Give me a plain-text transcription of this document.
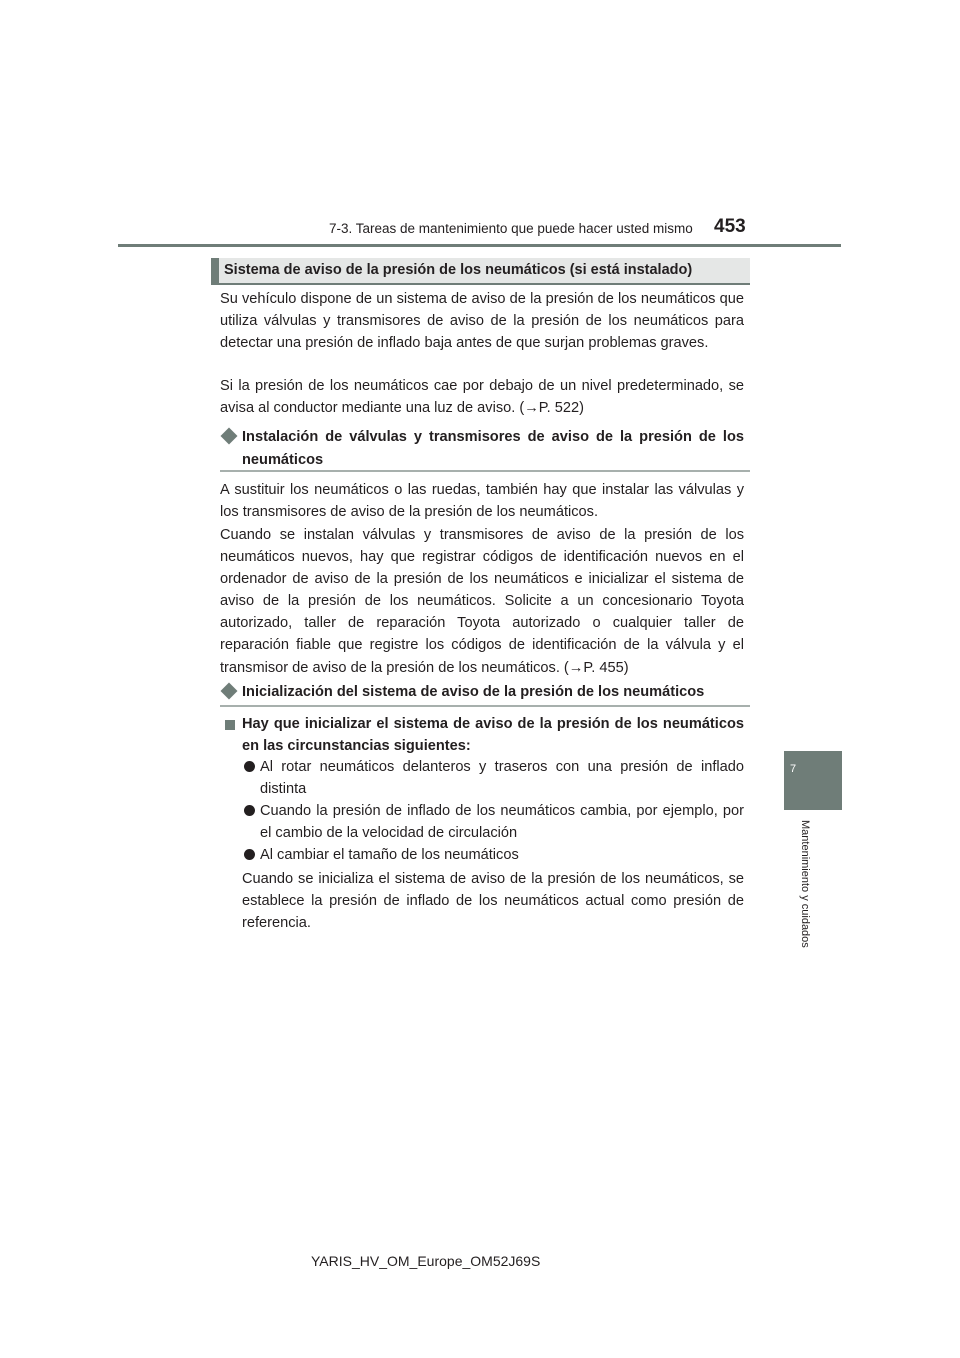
7-3. Tareas de mantenimiento que puede hacer usted mismo 453
7
Mantenimiento y cuidados
Sistema de aviso de la presión de los neumáticos (si está instalado)
Su vehículo dispone de un sistema de aviso de la presión de los neumáticos que utiliza válvulas y transmisores de aviso de la presión de los neumáticos para detectar una presión de inflado baja antes de que surjan problemas graves.
Si la presión de los neumáticos cae por debajo de un nivel predeterminado, se avisa al conductor mediante una luz de aviso. (→P. 522)
Instalación de válvulas y transmisores de aviso de la presión de los neumáticos
A sustituir los neumáticos o las ruedas, también hay que instalar las válvulas y los transmisores de aviso de la presión de los neumáticos.
Cuando se instalan válvulas y transmisores de aviso de la presión de los neumáticos nuevos, hay que registrar códigos de identificación nuevos en el ordenador de aviso de la presión de los neumáticos e inicializar el sistema de aviso de la presión de los neumáticos. Solicite a un concesionario Toyota autorizado, taller de reparación Toyota autorizado o cualquier taller de reparación fiable que registre los códigos de identificación de la válvula y el transmisor de aviso de la presión de los neumáticos. (→P. 455)
Inicialización del sistema de aviso de la presión de los neumáticos
Hay que inicializar el sistema de aviso de la presión de los neumáticos en las circunstancias siguientes:
Al rotar neumáticos delanteros y traseros con una presión de inflado distinta
Cuando la presión de inflado de los neumáticos cambia, por ejemplo, por el cambio de la velocidad de circulación
Al cambiar el tamaño de los neumáticos
Cuando se inicializa el sistema de aviso de la presión de los neumáticos, se establece la presión de inflado de los neumáticos actual como presión de referencia.
YARIS_HV_OM_Europe_OM52J69S
